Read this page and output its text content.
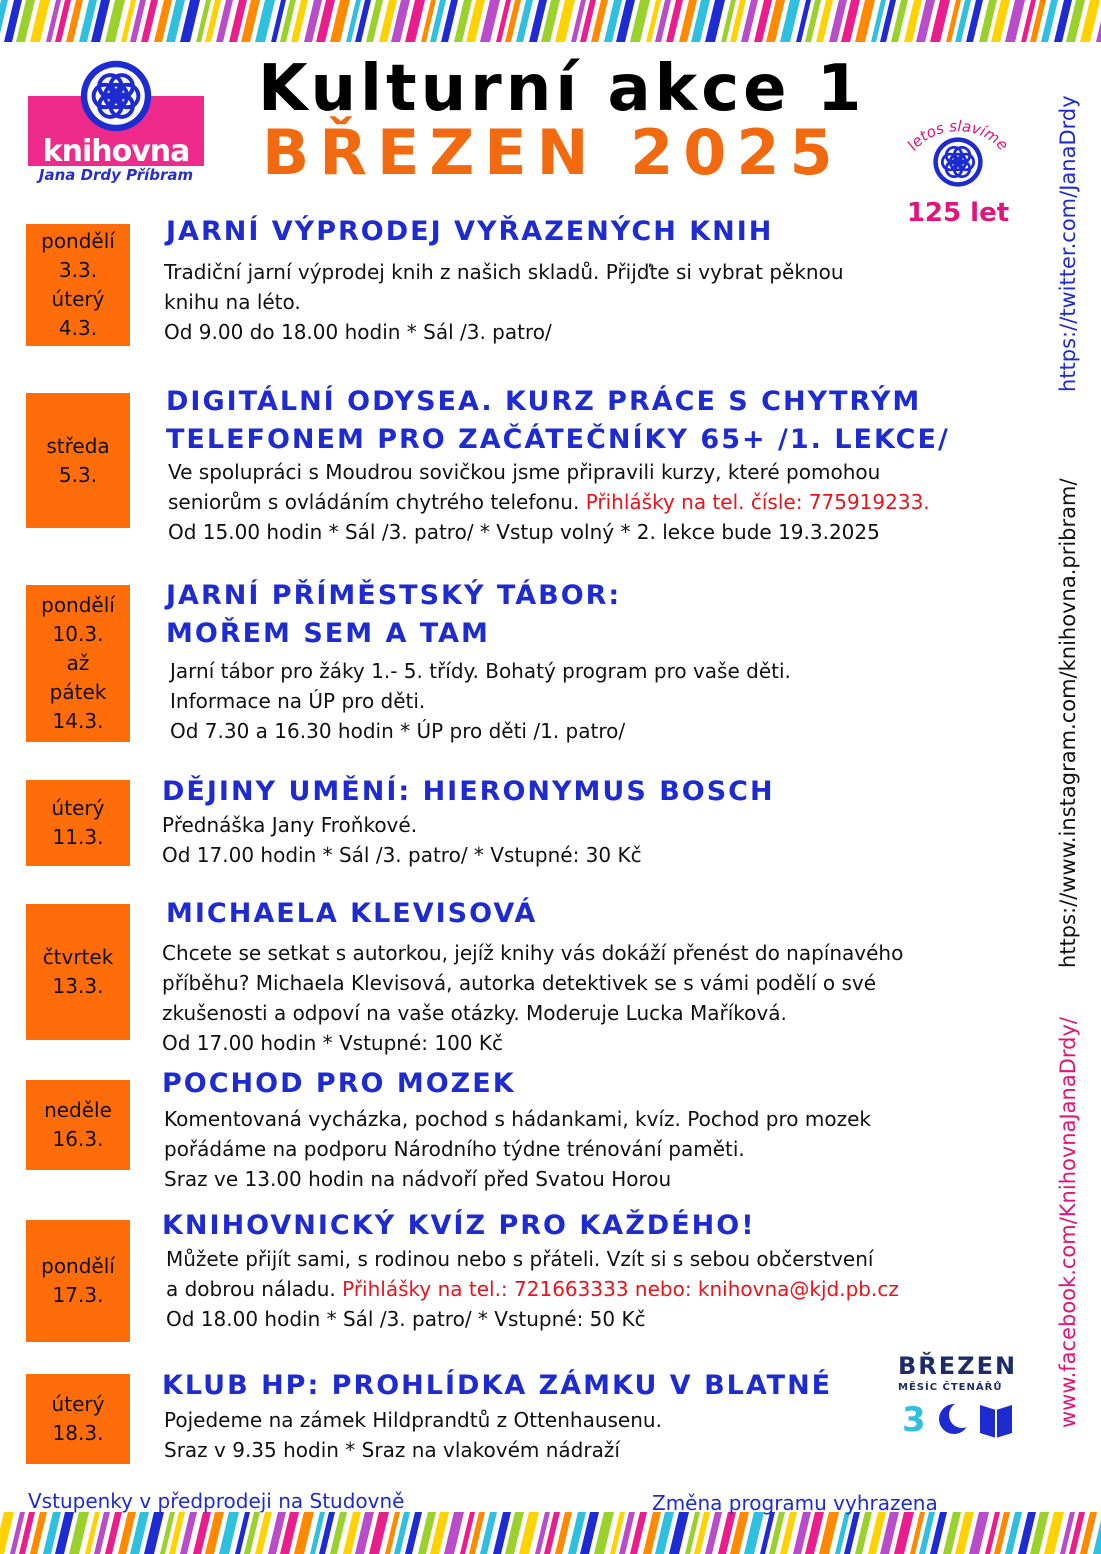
knihovna
Jana Drdy Příbram
Kulturní akce 1
BŘEZEN 2025	letos slavíme
125 let	https://twitter.com/JanaDrdy
https://www.instagram.com/knihovna.pribram/
www.facebook.com/KnihovnaJanaDrdy/
pondělí
3.3.
úterý
4.3.
JARNÍ VÝPRODEJ VYŘAZENÝCH KNIH
Tradiční jarní výprodej knih z našich skladů. Přijďte si vybrat pěknou
knihu na léto.
Od 9.00 do 18.00 hodin * Sál /3. patro/
středa
5.3.
DIGITÁLNÍ ODYSEA. KURZ PRÁCE S CHYTRÝM
TELEFONEM PRO ZAČÁTEČNÍKY 65+ /1. LEKCE/
Ve spolupráci s Moudrou sovičkou jsme připravili kurzy, které pomohou
seniorům s ovládáním chytrého telefonu. Přihlášky na tel. čísle: 775919233.
Od 15.00 hodin * Sál /3. patro/ * Vstup volný * 2. lekce bude 19.3.2025
pondělí
10.3.
až
pátek
14.3.
JARNÍ PŘÍMĚSTSKÝ TÁBOR:
MOŘEM SEM A TAM
Jarní tábor pro žáky 1.- 5. třídy. Bohatý program pro vaše děti.
Informace na ÚP pro děti.
Od 7.30 a 16.30 hodin * ÚP pro děti /1. patro/
úterý
11.3.
DĚJINY UMĚNÍ: HIERONYMUS BOSCH
Přednáška Jany Froňkové.
Od 17.00 hodin * Sál /3. patro/ * Vstupné: 30 Kč
čtvrtek
13.3.
MICHAELA KLEVISOVÁ
Chcete se setkat s autorkou, jejíž knihy vás dokáží přenést do napínavého
příběhu? Michaela Klevisová, autorka detektivek se s vámi podělí o své
zkušenosti a odpoví na vaše otázky. Moderuje Lucka Maříková.
Od 17.00 hodin * Vstupné: 100 Kč
neděle
16.3.
POCHOD PRO MOZEK
Komentovaná vycházka, pochod s hádankami, kvíz. Pochod pro mozek
pořádáme na podporu Národního týdne trénování paměti.
Sraz ve 13.00 hodin na nádvoří před Svatou Horou
pondělí
17.3.
KNIHOVNICKÝ KVÍZ PRO KAŽDÉHO!
Můžete přijít sami, s rodinou nebo s přáteli. Vzít si s sebou občerstvení
a dobrou náladu. Přihlášky na tel.: 721663333 nebo: knihovna@kjd.pb.cz
Od 18.00 hodin * Sál /3. patro/ * Vstupné: 50 Kč
úterý
18.3.
KLUB HP: PROHLÍDKA ZÁMKU V BLATNÉ
Pojedeme na zámek Hildprandtů z Ottenhausenu.
Sraz v 9.35 hodin * Sraz na vlakovém nádraží
BŘEZEN
MĚSÍC ČTENÁŘŮ
3
Vstupenky v předprodeji na Studovně	Změna programu vyhrazena
